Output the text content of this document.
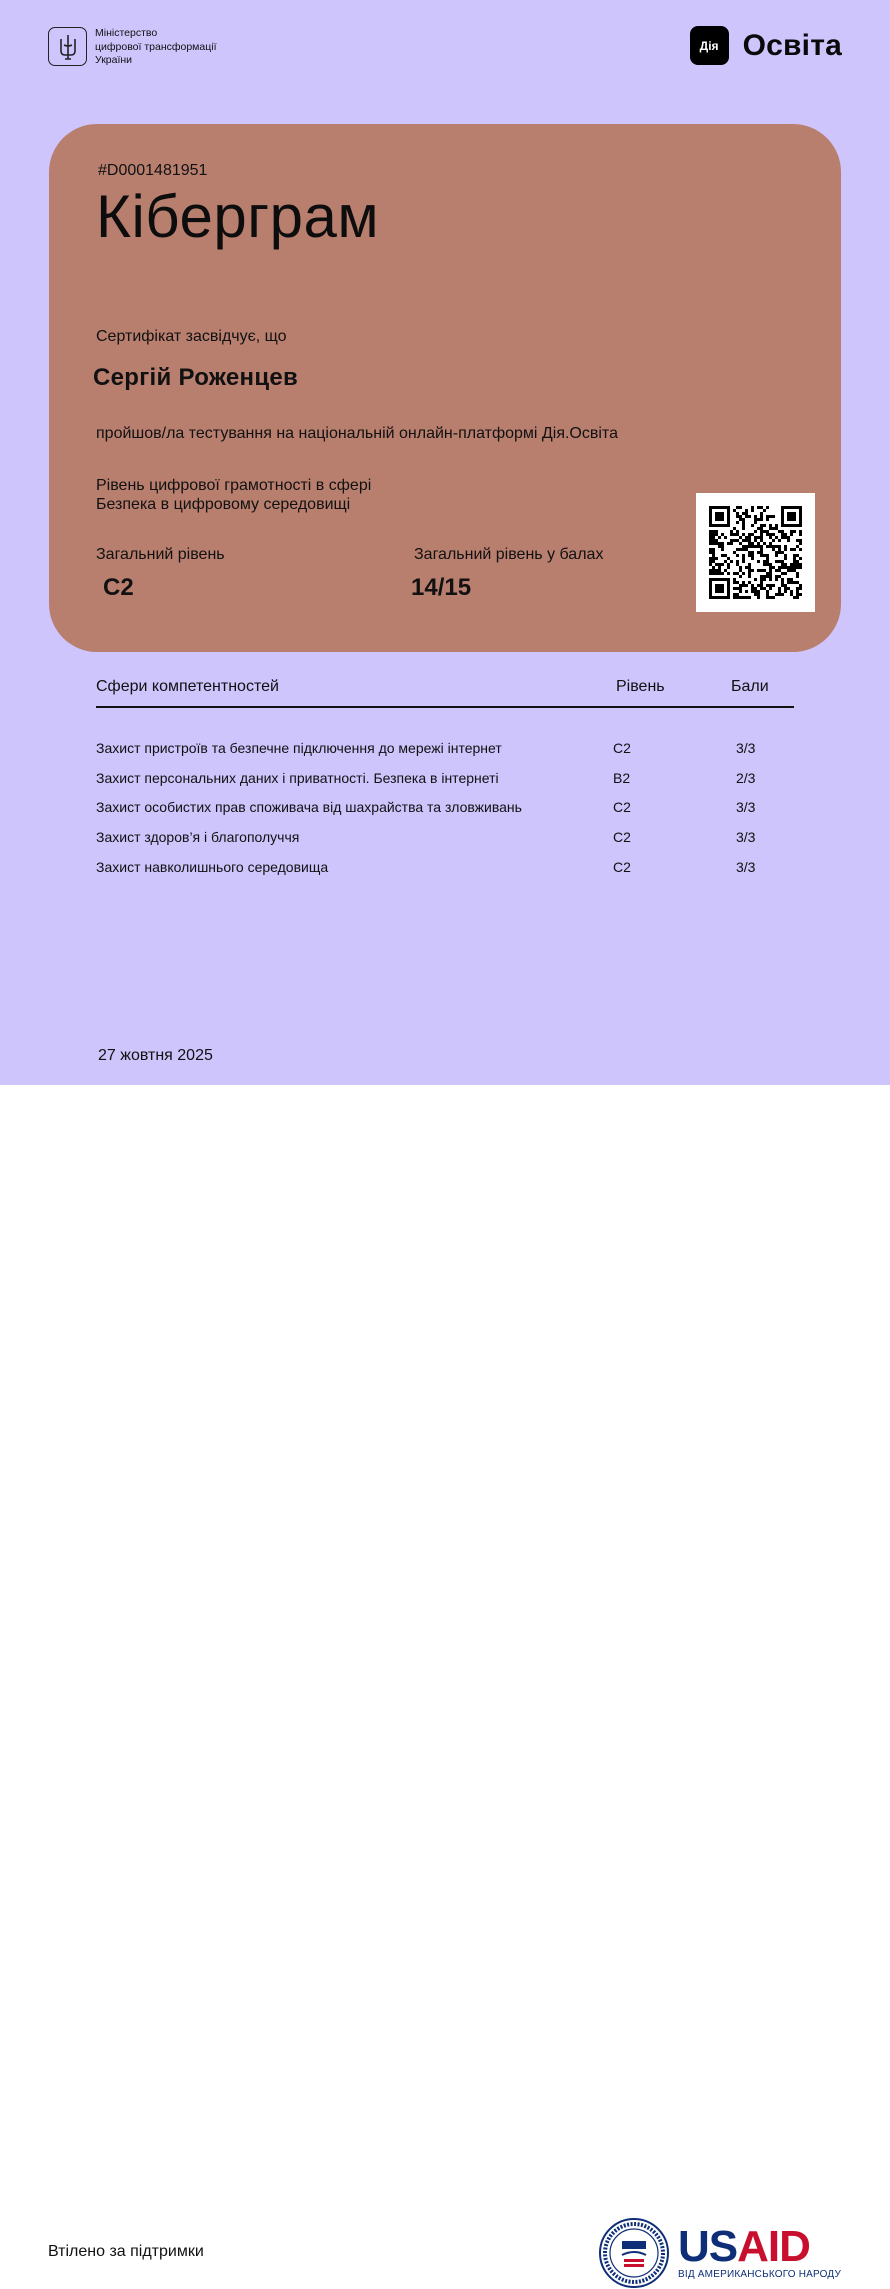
Міністерство
цифрової трансформації
України
Дія Освіта
#D0001481951
Кіберграм
Сертифікат засвідчує, що
Сергій Роженцев
пройшов/ла тестування на національній онлайн-платформі Дія.Освіта
Рівень цифрової грамотності в сфері
Безпека в цифровому середовищі
Загальний рівень
C2
Загальний рівень у балах
14/15
Сфери компетентностей	Рівень	Бали
Захист пристроїв та безпечне підключення до мережі інтернет	C2	3/3
Захист персональних даних і приватності. Безпека в інтернеті	B2	2/3
Захист особистих прав споживача від шахрайства та зловживань	C2	3/3
Захист здоров’я і благополуччя	C2	3/3
Захист навколишнього середовища	C2	3/3
27 жовтня 2025
Втілено за підтримки	USAID
ВІД АМЕРИКАНСЬКОГО НАРОДУ
